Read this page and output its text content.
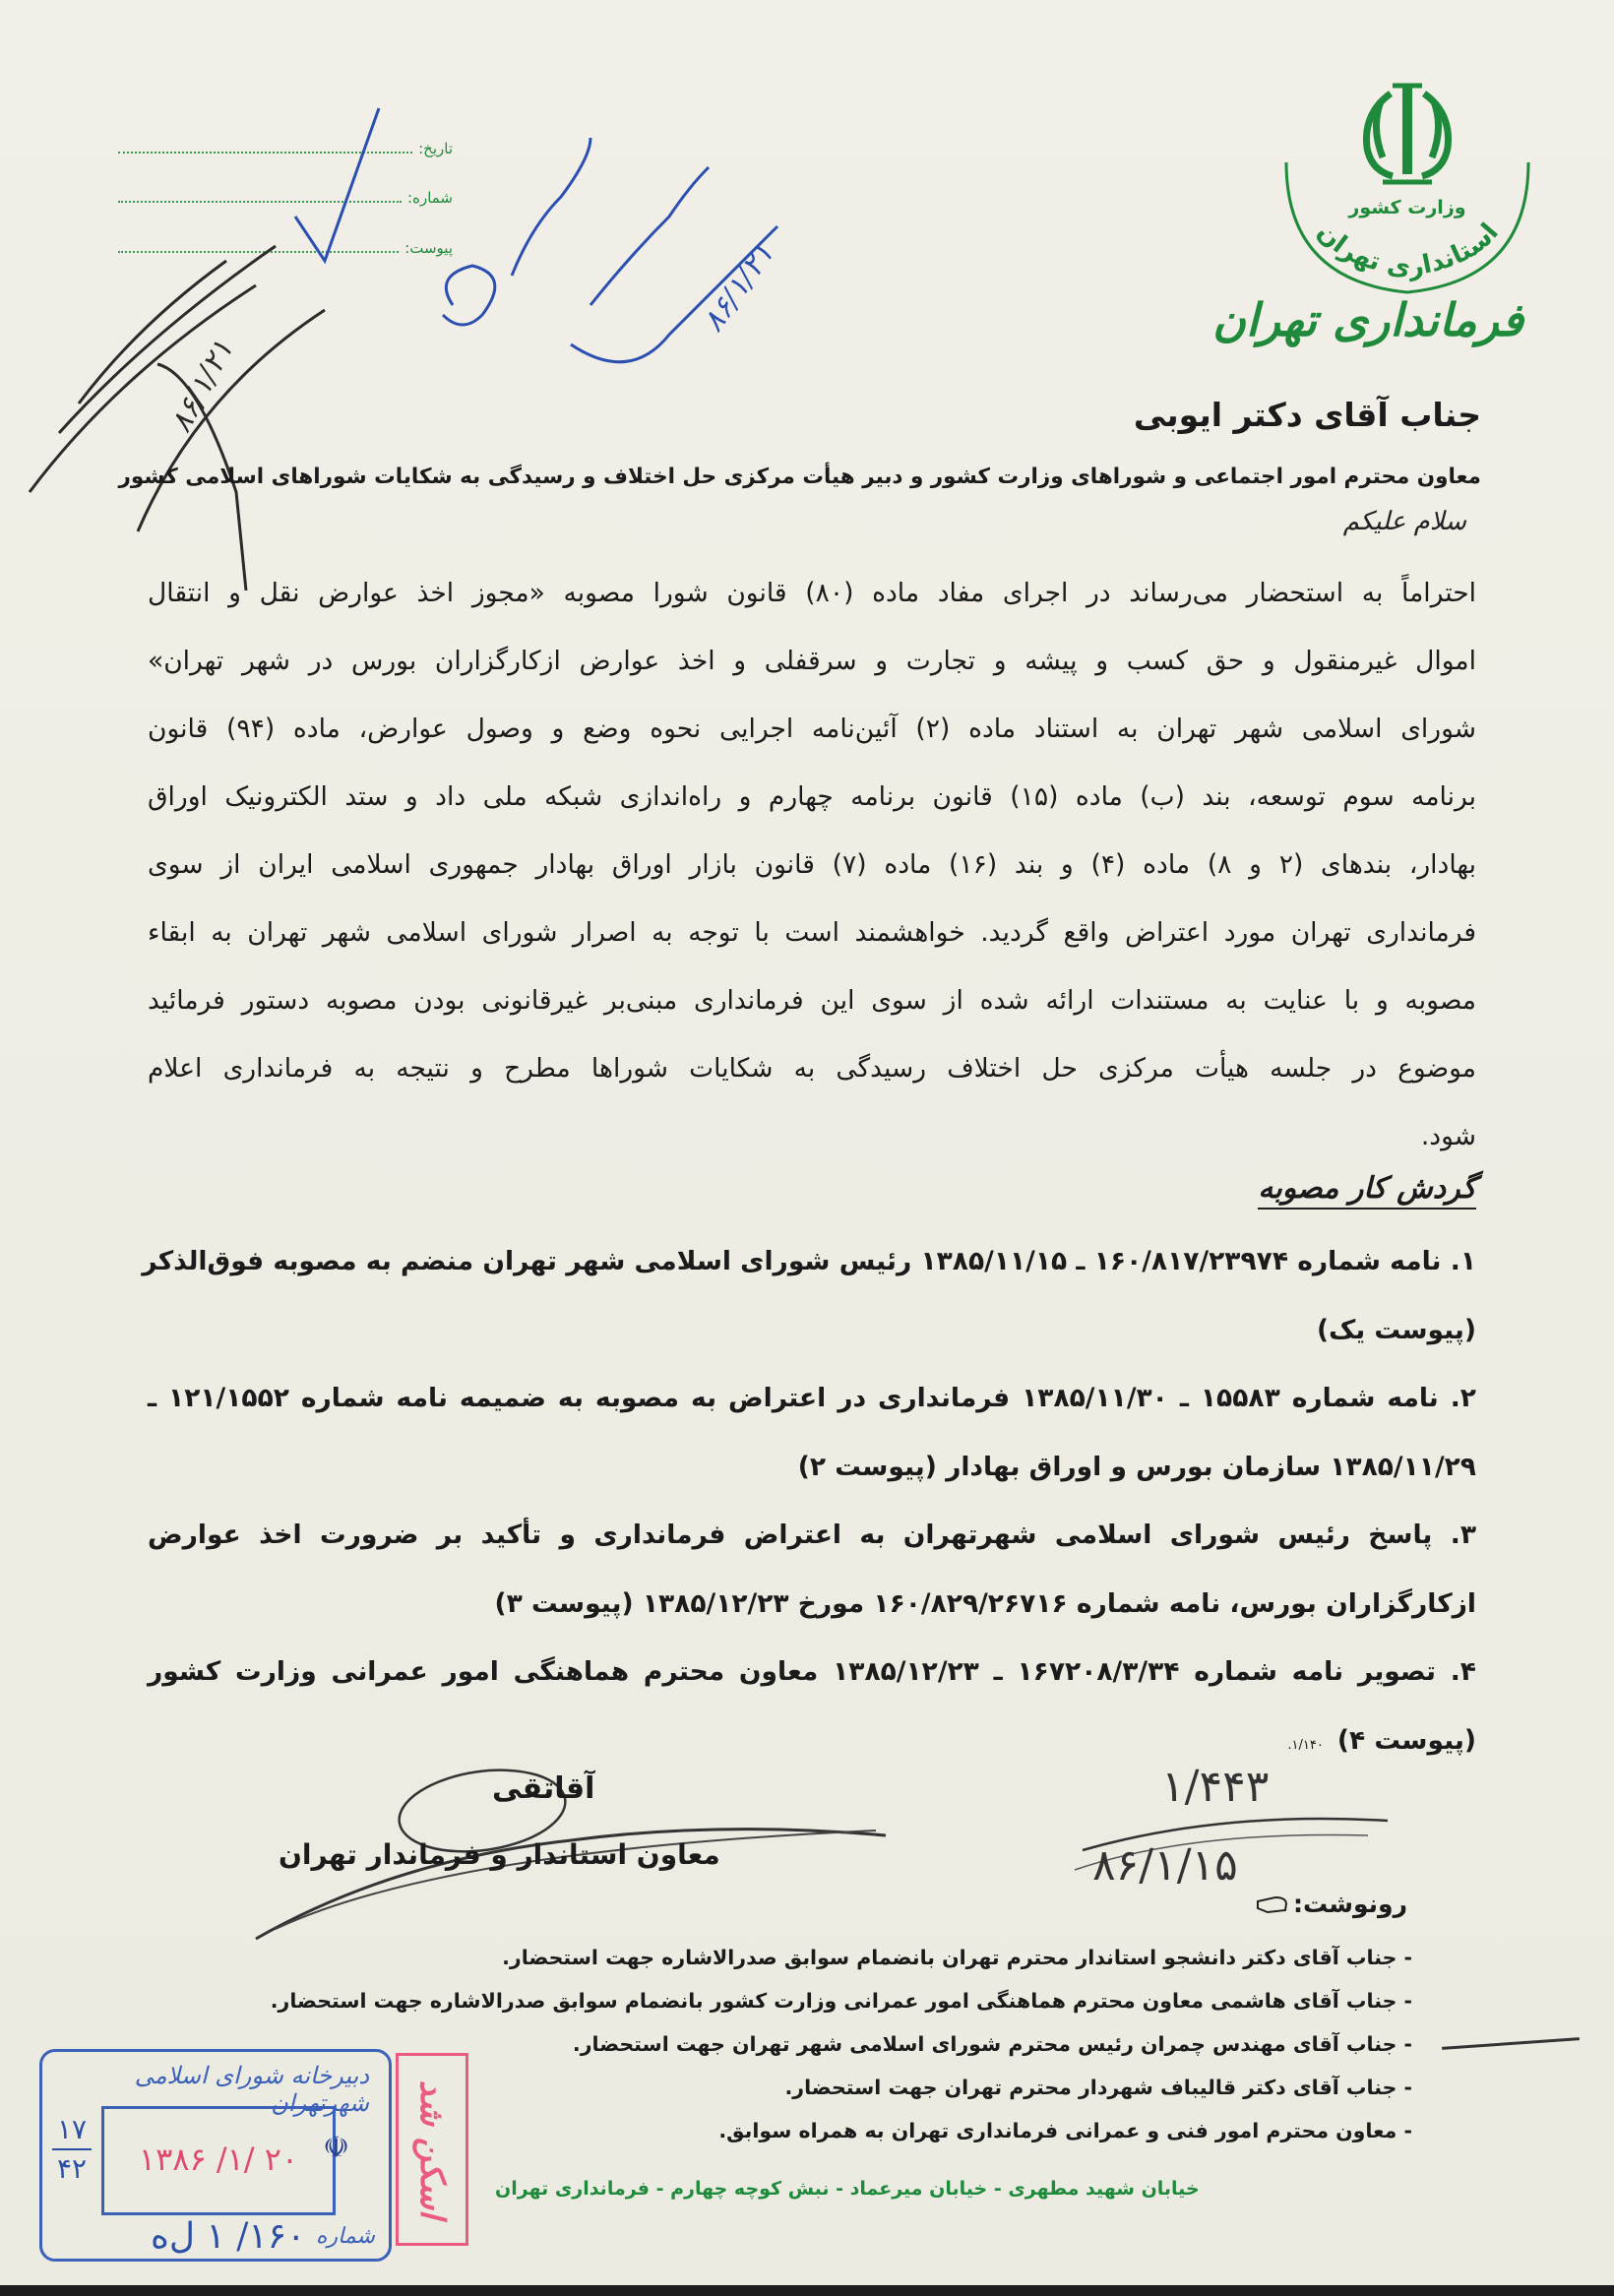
استانداری تهران
وزارت کشور
فرمانداری تهران
تاریخ:
شماره:
پیوست:	۸۶/۱/۲۱
۸۶/۱/۲۱	جناب آقای دکتر ایوبی
معاون محترم امور اجتماعی و شوراهای وزارت کشور و دبیر هیأت مرکزی حل اختلاف و رسیدگی به شکایات شوراهای اسلامی کشور
سلام علیکم
احتراماً به استحضار می‌رساند در اجرای مفاد ماده (۸۰) قانون شورا مصوبه «مجوز اخذ عوارض نقل و انتقال
اموال غیرمنقول و حق کسب و پیشه و تجارت و سرقفلی و اخذ عوارض ازکارگزاران بورس در شهر تهران»
شورای اسلامی شهر تهران به استناد ماده (۲) آئین‌نامه اجرایی نحوه وضع و وصول عوارض، ماده (۹۴) قانون
برنامه سوم توسعه، بند (ب) ماده (۱۵) قانون برنامه چهارم و راه‌اندازی شبکه ملی داد و ستد الکترونیک اوراق
بهادار، بندهای (۲ و ۸) ماده (۴) و بند (۱۶) ماده (۷) قانون بازار اوراق بهادار جمهوری اسلامی ایران از سوی
فرمانداری تهران مورد اعتراض واقع گردید. خواهشمند است با توجه به اصرار شورای اسلامی شهر تهران به ابقاء
مصوبه و با عنایت به مستندات ارائه شده از سوی این فرمانداری مبنی‌بر غیرقانونی بودن مصوبه دستور فرمائید
موضوع در جلسه هیأت مرکزی حل اختلاف رسیدگی به شکایات شوراها مطرح و نتیجه به فرمانداری اعلام
شود.
گردش کار مصوبه
۱. نامه شماره ۱۶۰/۸۱۷/۲۳۹۷۴ ـ ۱۳۸۵/۱۱/۱۵ رئیس شورای اسلامی شهر تهران منضم به مصوبه فوق‌الذکر
(پیوست یک)
۲. نامه شماره ۱۵۵۸۳ ـ ۱۳۸۵/۱۱/۳۰ فرمانداری در اعتراض به مصوبه به ضمیمه نامه شماره ۱۲۱/۱۵۵۲ ـ
۱۳۸۵/۱۱/۲۹ سازمان بورس و اوراق بهادار (پیوست ۲)
۳. پاسخ رئیس شورای اسلامی شهرتهران به اعتراض فرمانداری و تأکید بر ضرورت اخذ عوارض
ازکارگزاران بورس، نامه شماره ۱۶۰/۸۲۹/۲۶۷۱۶ مورخ ۱۳۸۵/۱۲/۲۳ (پیوست ۳)
۴. تصویر نامه شماره ۱۶۷۲۰۸/۳/۳۴ ـ ۱۳۸۵/۱۲/۲۳ معاون محترم هماهنگی امور عمرانی وزارت کشور
(پیوست ۴)۱/۱۴۰.
آقاتقی
معاون استاندار و فرماندار تهران
۱/۴۴۳
۸۶/۱/۱۵
رونوشت:
- جناب آقای دکتر دانشجو استاندار محترم تهران بانضمام سوابق صدرالاشاره جهت استحضار.
- جناب آقای هاشمی معاون محترم هماهنگی امور عمرانی وزارت کشور بانضمام سوابق صدرالاشاره جهت استحضار.
- جناب آقای مهندس چمران رئیس محترم شورای اسلامی شهر تهران جهت استحضار.
- جناب آقای دکتر قالیباف شهردار محترم تهران جهت استحضار.
- معاون محترم امور فنی و عمرانی فرمانداری تهران به همراه سوابق.
خیابان شهید مطهری - خیابان میرعماد - نبش کوچه چهارم - فرمانداری تهران
دبیرخانه شورای اسلامی شهرتهران
۱۳۸۶ /۱/ ۲۰ ☫
شماره
۱۶۰/ ۱ ل‌ه
۱۷
۴۲	اسکن شد
